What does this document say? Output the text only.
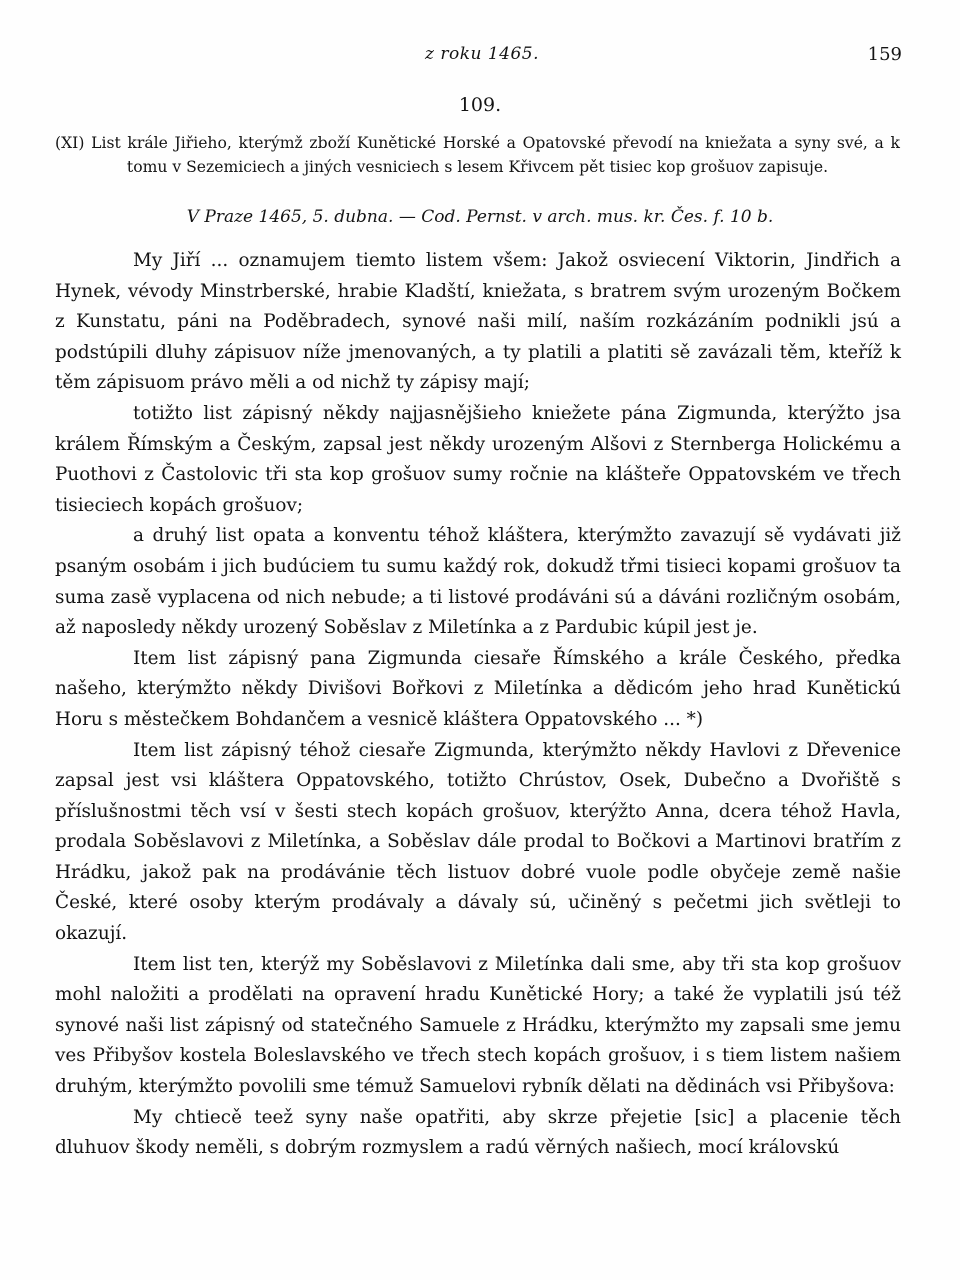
z roku 1465.	159
109.
(XI) List krále Jiřieho, kterýmž zboží Kunětické Horské a Opatovské převodí na kniežata a syny své, a k tomu v Sezemiciech a jiných vesniciech s lesem Křivcem pět tisiec kop grošuov zapisuje.
V Praze 1465, 5. dubna. — Cod. Pernst. v arch. mus. kr. Čes. f. 10 b.

My Jiří ... oznamujem tiemto listem všem: Jakož osviecení Viktorin, Jindřich a Hynek, vévody Minstrberské, hrabie Kladští, kniežata, s bratrem svým urozeným Bočkem z Kunstatu, páni na Poděbradech, synové naši milí, naším rozkázáním podnikli jsú a podstúpili dluhy zápisuov níže jmenovaných, a ty platili a platiti sě zavázali těm, kteříž k těm zápisuom právo měli a od nichž ty zápisy mají;

totižto list zápisný někdy najjasnějšieho kniežete pána Zigmunda, kterýžto jsa králem Římským a Českým, zapsal jest někdy urozeným Alšovi z Sternberga Holickému a Puothovi z Častolovic tři sta kop grošuov sumy ročnie na klášteře Oppatovském ve třech tisieciech kopách grošuov;

a druhý list opata a konventu téhož kláštera, kterýmžto zavazují sě vydávati již psaným osobám i jich budúciem tu sumu každý rok, dokudž třmi tisieci kopami grošuov ta suma zasě vyplacena od nich nebude; a ti listové prodáváni sú a dáváni rozličným osobám, až naposledy někdy urozený Soběslav z Miletínka a z Pardubic kúpil jest je.

Item list zápisný pana Zigmunda ciesaře Římského a krále Českého, předka našeho, kterýmžto někdy Divišovi Bořkovi z Miletínka a dědicóm jeho hrad Kunětickú Horu s městečkem Bohdančem a vesnicě kláštera Oppatovského ... *)

Item list zápisný téhož ciesaře Zigmunda, kterýmžto někdy Havlovi z Dřevenice zapsal jest vsi kláštera Oppatovského, totižto Chrústov, Osek, Dubečno a Dvořiště s příslušnostmi těch vsí v šesti stech kopách grošuov, kterýžto Anna, dcera téhož Havla, prodala Soběslavovi z Miletínka, a Soběslav dále prodal to Bočkovi a Martinovi bratřím z Hrádku, jakož pak na prodávánie těch listuov dobré vuole podle obyčeje země našie České, které osoby kterým prodávaly a dávaly sú, učiněný s pečetmi jich světleji to okazují.

Item list ten, kterýž my Soběslavovi z Miletínka dali sme, aby tři sta kop grošuov mohl naložiti a prodělati na opravení hradu Kunětické Hory; a také že vyplatili jsú též synové naši list zápisný od statečného Samuele z Hrádku, kterýmžto my zapsali sme jemu ves Přibyšov kostela Boleslavského ve třech stech kopách grošuov, i s tiem listem našiem druhým, kterýmžto povolili sme témuž Samuelovi rybník dělati na dědinách vsi Přibyšova:

My chtiecě teež syny naše opatřiti, aby skrze přejetie [sic] a placenie těch dluhuov škody neměli, s dobrým rozmyslem a radú věrných našiech, mocí královskú
